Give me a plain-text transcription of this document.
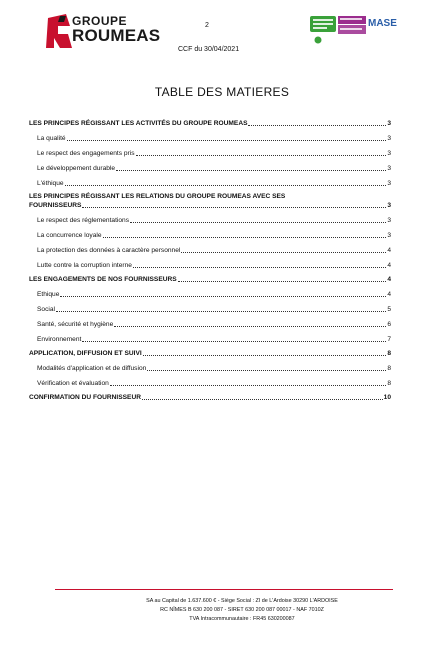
GROUPE
ROUMEAS
2
CCF du 30/04/2021
MASE
TABLE DES MATIERES
LES PRINCIPES RÉGISSANT LES ACTIVITÉS DU GROUPE ROUMEAS	3
La qualité	3
Le respect des engagements pris	3
Le développement durable	3
L'éthique	3
LES PRINCIPES RÉGISSANT LES RELATIONS DU GROUPE ROUMEAS AVEC SES
FOURNISSEURS	3
Le respect des réglementations	3
La concurrence loyale	3
La protection des données à caractère personnel	4
Lutte contre la corruption interne	4
LES ENGAGEMENTS DE NOS FOURNISSEURS	4
Ethique	4
Social	5
Santé, sécurité et hygiène	6
Environnement	7
APPLICATION, DIFFUSION ET SUIVI	8
Modalités d'application et de diffusion	8
Vérification et évaluation	8
CONFIRMATION DU FOURNISSEUR	10
SA au Capital de 1.637.600 € - Siège Social : ZI de L'Ardoise 30290 L'ARDOISE
RC NÎMES B 630 200 087 - SIRET 630 200 087 00017 - NAF 7010Z
TVA Intracommunautaire : FR45 630200087
